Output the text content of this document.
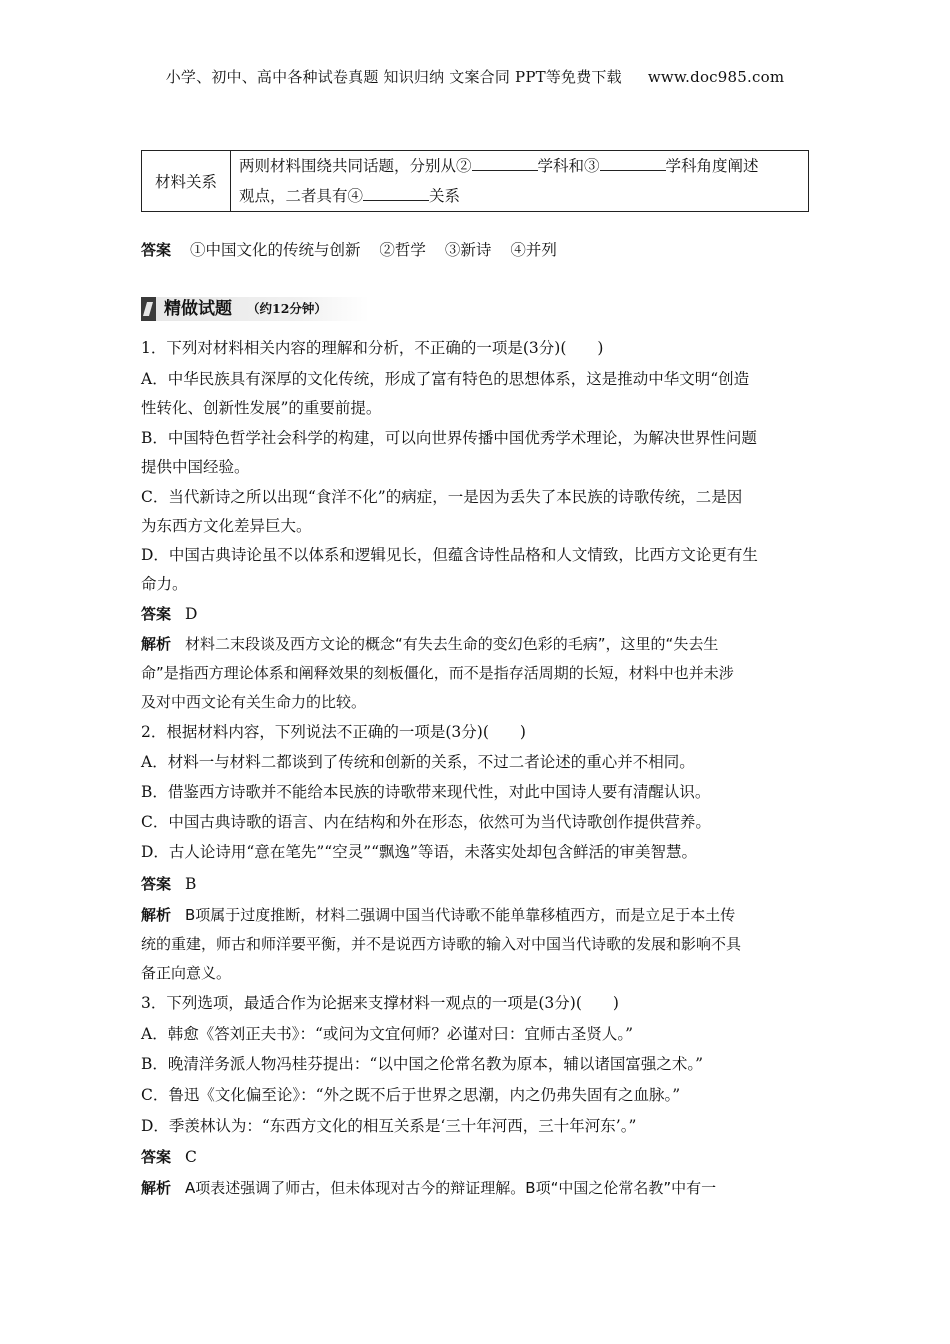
小学、初中、高中各种试卷真题 知识归纳 文案合同 PPT等免费下载 www.doc985.com
材料关系	
两则材料围绕共同话题，分别从②	学科和③	学科角度阐述
观点，二者具有④	关系
答案 ①中国文化的传统与创新 ②哲学 ③新诗 ④并列
精做试题 （约12分钟）
1．下列对材料相关内容的理解和分析，不正确的一项是(3分)(　　)
A．中华民族具有深厚的文化传统，形成了富有特色的思想体系，这是推动中华文明“创造
性转化、创新性发展”的重要前提。
B．中国特色哲学社会科学的构建，可以向世界传播中国优秀学术理论，为解决世界性问题
提供中国经验。
C．当代新诗之所以出现“食洋不化”的病症，一是因为丢失了本民族的诗歌传统，二是因
为东西方文化差异巨大。
D．中国古典诗论虽不以体系和逻辑见长，但蕴含诗性品格和人文情致，比西方文论更有生
命力。
答案 D
解析 材料二末段谈及西方文论的概念“有失去生命的变幻色彩的毛病”，这里的“失去生
命”是指西方理论体系和阐释效果的刻板僵化，而不是指存活周期的长短，材料中也并未涉
及对中西文论有关生命力的比较。
2．根据材料内容，下列说法不正确的一项是(3分)(　　)
A．材料一与材料二都谈到了传统和创新的关系，不过二者论述的重心并不相同。
B．借鉴西方诗歌并不能给本民族的诗歌带来现代性，对此中国诗人要有清醒认识。
C．中国古典诗歌的语言、内在结构和外在形态，依然可为当代诗歌创作提供营养。
D．古人论诗用“意在笔先”“空灵”“飘逸”等语，未落实处却包含鲜活的审美智慧。
答案 B
解析 B项属于过度推断，材料二强调中国当代诗歌不能单靠移植西方，而是立足于本土传
统的重建，师古和师洋要平衡，并不是说西方诗歌的输入对中国当代诗歌的发展和影响不具
备正向意义。
3．下列选项，最适合作为论据来支撑材料一观点的一项是(3分)(　　)
A．韩愈《答刘正夫书》：“或问为文宜何师？必谨对曰：宜师古圣贤人。”
B．晚清洋务派人物冯桂芬提出：“以中国之伦常名教为原本，辅以诸国富强之术。”
C．鲁迅《文化偏至论》：“外之既不后于世界之思潮，内之仍弗失固有之血脉。”
D．季羡林认为：“东西方文化的相互关系是‘三十年河西，三十年河东’。”
答案 C
解析 A项表述强调了师古，但未体现对古今的辩证理解。B项“中国之伦常名教”中有一
